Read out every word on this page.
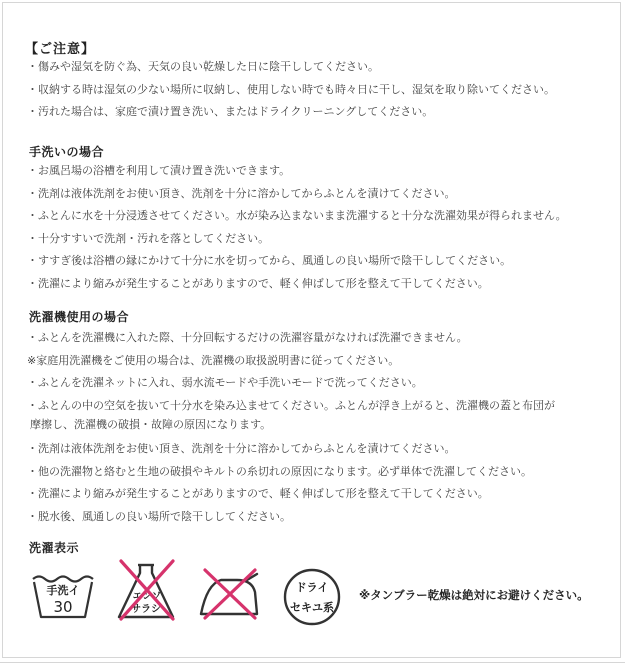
【ご注意】
・傷みや湿気を防ぐ為、天気の良い乾燥した日に陰干ししてください。
・収納する時は湿気の少ない場所に収納し、使用しない時でも時々日に干し、湿気を取り除いてください。
・汚れた場合は、家庭で漬け置き洗い、またはドライクリーニングしてください。
手洗いの場合
・お風呂場の浴槽を利用して漬け置き洗いできます。
・洗剤は液体洗剤をお使い頂き、洗剤を十分に溶かしてからふとんを漬けてください。
・ふとんに水を十分浸透させてください。水が染み込まないまま洗濯すると十分な洗濯効果が得られません。
・十分すすいで洗剤・汚れを落としてください。
・すすぎ後は浴槽の縁にかけて十分に水を切ってから、風通しの良い場所で陰干ししてください。
・洗濯により縮みが発生することがありますので、軽く伸ばして形を整えて干してください。
洗濯機使用の場合
・ふとんを洗濯機に入れた際、十分回転するだけの洗濯容量がなければ洗濯できません。
※家庭用洗濯機をご使用の場合は、洗濯機の取扱説明書に従ってください。
・ふとんを洗濯ネットに入れ、弱水流モードや手洗いモードで洗ってください。
・ふとんの中の空気を抜いて十分水を染み込ませてください。ふとんが浮き上がると、洗濯機の蓋と布団が
摩擦し、洗濯機の破損・故障の原因になります。
・洗剤は液体洗剤をお使い頂き、洗剤を十分に溶かしてからふとんを漬けてください。
・他の洗濯物と絡むと生地の破損やキルトの糸切れの原因になります。必ず単体で洗濯してください。
・洗濯により縮みが発生することがありますので、軽く伸ばして形を整えて干してください。
・脱水後、風通しの良い場所で陰干ししてください。
洗濯表示
手洗イ
30
エンソ
サラシ
ドライ
セキユ系
※タンブラー乾燥は絶対にお避けください。
